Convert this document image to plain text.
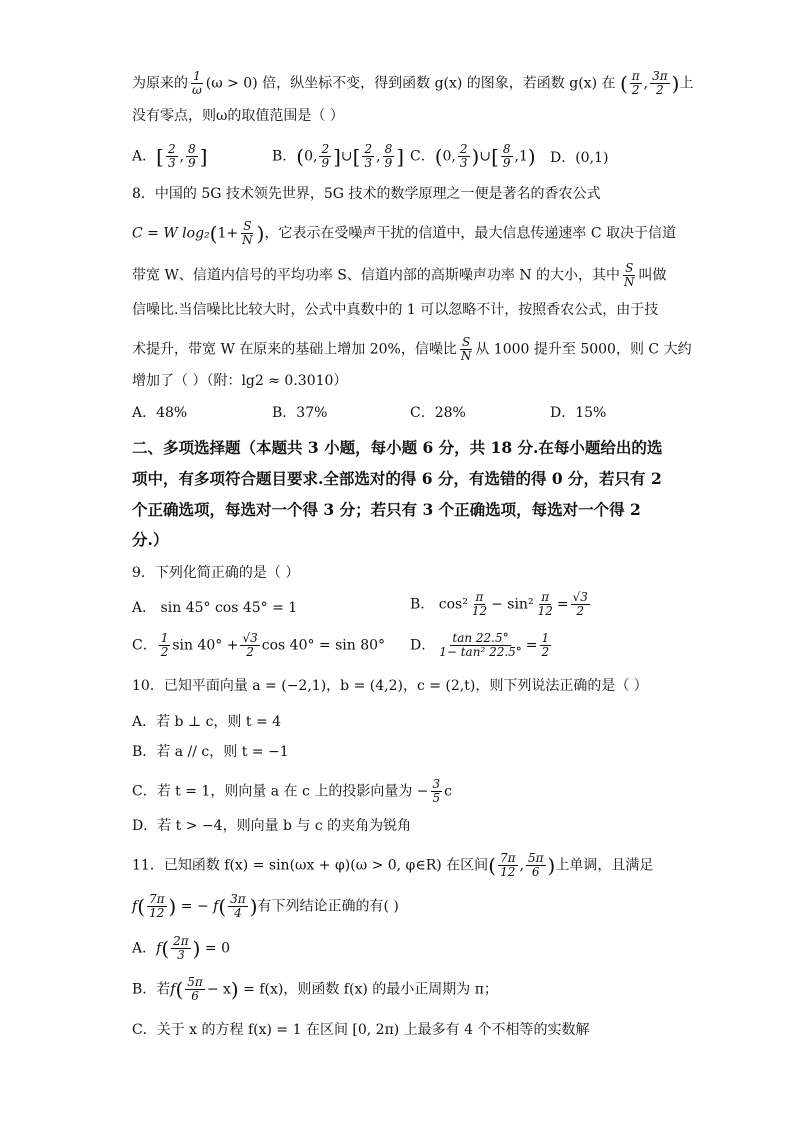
为原来的 $\frac{1}{\omega} (\omega > 0)$ 倍，纵坐标不变，得到函数 g(x) 的图象，若函数 g(x) 在 ( $\frac{\pi}{2}$ , $\frac{3\pi}{2}$ )上
没有零点，则ω的取值范围是（ ）
A．[ $\frac{2}{3}$ , $\frac{8}{9}$ ]	B．(0, $\frac{2}{9}$ ]∪[ $\frac{2}{3}$ , $\frac{8}{9}$ ] C．(0, $\frac{2}{3}$ )∪[ $\frac{8}{9} ,1$) D．(0,1)
8．中国的 5G 技术领先世界，5G 技术的数学原理之一便是著名的香农公式
C = W $\log_2(1+ \frac{S}{N}$ )，它表示在受噪声干扰的信道中，最大信息传递速率 C 取决于信道
带宽 W、信道内信号的平均功率 S、信道内部的高斯噪声功率 N 的大小，其中 $\frac{S}{N}$ 叫做
信噪比.当信噪比比较大时，公式中真数中的 1 可以忽略不计，按照香农公式，由于技
术提升，带宽 W 在原来的基础上增加 20%，信噪比 $\frac{S}{N}$ 从 1000 提升至 5000，则 C 大约
增加了（ ）（附：lg2 ≈ 0.3010）
A．48%	B．37%	C．28%	D．15%
二、多项选择题（本题共 3 小题，每小题 6 分，共 18 分.在每小题给出的选
项中，有多项符合题目要求.全部选对的得 6 分，有选错的得 0 分，若只有 2
个正确选项，每选对一个得 3 分；若只有 3 个正确选项，每选对一个得 2
分.）
9．下列化简正确的是（ ）
A． sin 45° cos 45° = 1	B． $\cos^2 \frac{\pi}{12} - \sin^2 \frac{\pi}{12} = \frac{√3}{2}$
C． $\frac{1}{2}$ $\sin 40^\circ + \frac{√3}{2}$ cos 40° = sin 80° D． $\frac{\tan 22.5^\circ}{\text{1− tan² 22.5°}} = \frac{1}{2}$
10．已知平面向量 a = (−2,1)，b = (4,2)，c = (2,t)，则下列说法正确的是（ ）
A．若 b ⊥ c，则 t = 4
B．若 a // c，则 t = −1
C．若 t = 1，则向量 a 在 c 上的投影向量为 − $\frac{3}{5}$ c
D．若 t > −4，则向量 b 与 c 的夹角为锐角
11．已知函数 f(x) = sin(ωx + φ)(ω > 0, φ∈R) 在区间( $\frac{7\pi}{12}$ , $\frac{5\pi}{6}$ )上单调，且满足
$f( \frac{7\pi}{12}$ ) = − $f( \frac{3\pi}{4}$ )有下列结论正确的有( )
A．$f( \frac{2\pi}{3}$ ) = 0
B．若$f( \frac{5\pi}{6} - x) = f(x)$，则函数 f(x) 的最小正周期为 π；
C．关于 x 的方程 f(x) = 1 在区间 [0, 2π) 上最多有 4 个不相等的实数解
